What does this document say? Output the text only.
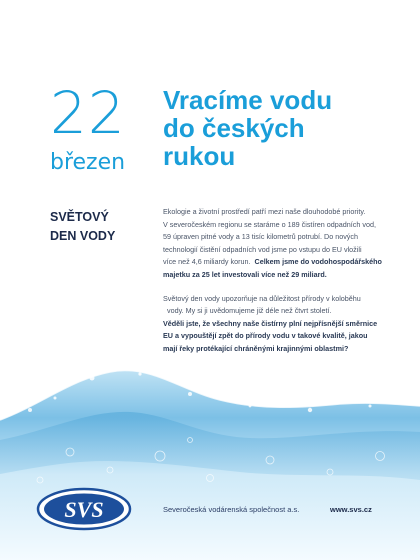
22
březen
Vracíme vodu
do českých
rukou
SVĚTOVÝ
DEN VODY

Ekologie a životní prostředí patří mezi naše dlouhodobé priority.

V severočeském regionu se staráme o 189 čistíren odpadních vod,

59 úpraven pitné vody a 13 tisíc kilometrů potrubí. Do nových

technologií čistění odpadních vod jsme po vstupu do EU vložili

více než 4,6 miliardy korun. Celkem jsme do vodohospodářského

majetku za 25 let investovali více než 29 miliard.

Světový den vody upozorňuje na důležitost přírody v koloběhu

vody. My si ji uvědomujeme již déle než čtvrt století.

Věděli jste, že všechny naše čistírny plní nejpřísnější směrnice

EU a vypouštějí zpět do přírody vodu v takové kvalitě, jakou

mají řeky protékající chráněnými krajinnými oblastmi?

SVS	Severočeská vodárenská společnost a.s.	www.svs.cz
